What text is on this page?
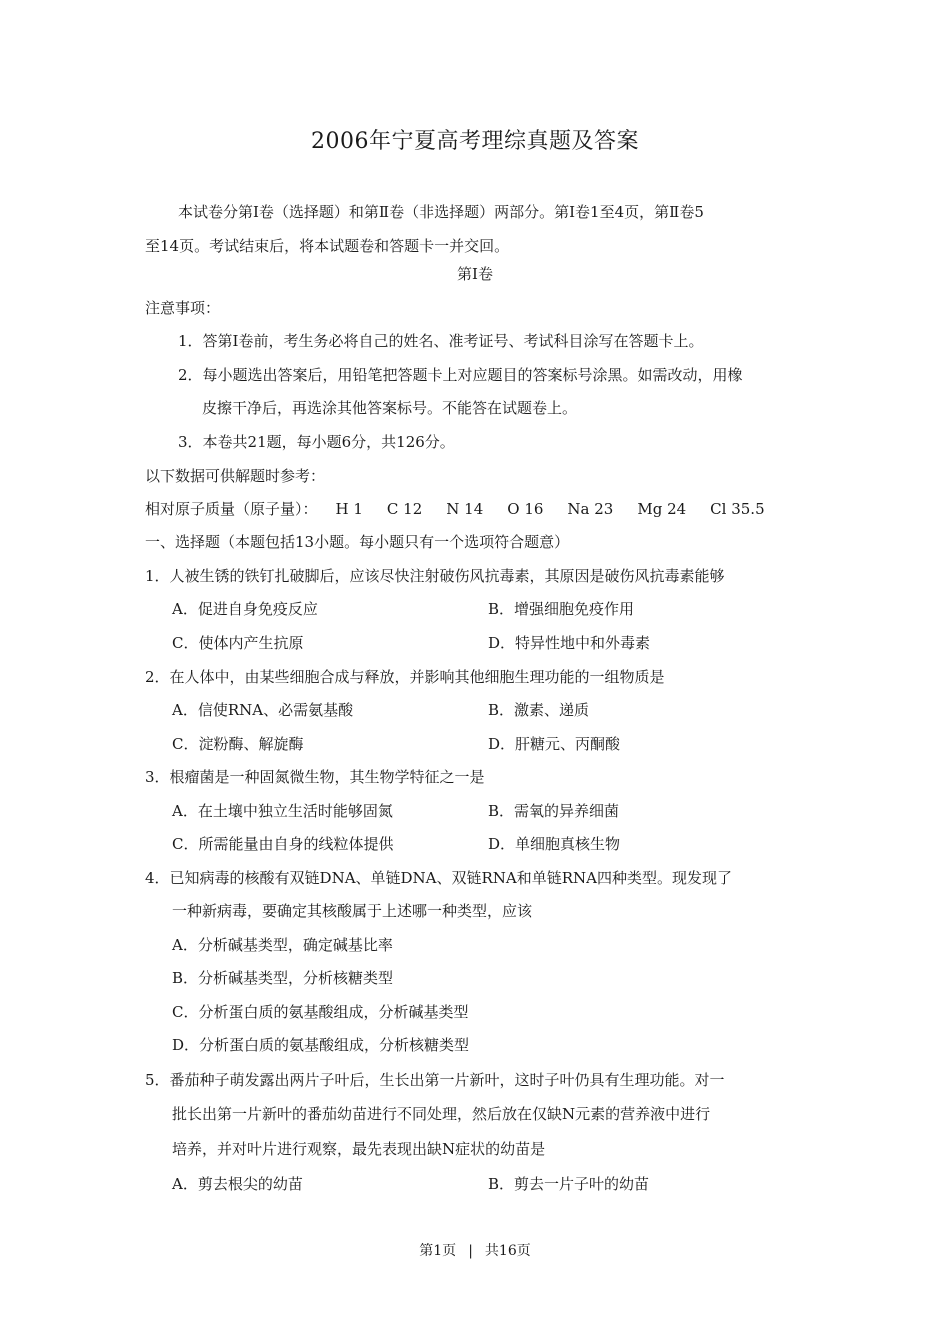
2006年宁夏高考理综真题及答案
本试卷分第Ⅰ卷（选择题）和第Ⅱ卷（非选择题）两部分。第Ⅰ卷1至4页，第Ⅱ卷5
至14页。考试结束后，将本试题卷和答题卡一并交回。
第Ⅰ卷
注意事项：
1．答第Ⅰ卷前，考生务必将自己的姓名、准考证号、考试科目涂写在答题卡上。
2．每小题选出答案后，用铅笔把答题卡上对应题目的答案标号涂黑。如需改动，用橡
皮擦干净后，再选涂其他答案标号。不能答在试题卷上。
3．本卷共21题，每小题6分，共126分。
以下数据可供解题时参考：
相对原子质量（原子量）： H 1 C 12 N 14 O 16 Na 23 Mg 24 Cl 35.5
一、选择题（本题包括13小题。每小题只有一个选项符合题意）
1．人被生锈的铁钉扎破脚后，应该尽快注射破伤风抗毒素，其原因是破伤风抗毒素能够
A．促进自身免疫反应	B．增强细胞免疫作用
C．使体内产生抗原	D．特异性地中和外毒素
2．在人体中，由某些细胞合成与释放，并影响其他细胞生理功能的一组物质是
A．信使RNA、必需氨基酸	B．激素、递质
C．淀粉酶、解旋酶	D．肝糖元、丙酮酸
3．根瘤菌是一种固氮微生物，其生物学特征之一是
A．在土壤中独立生活时能够固氮	B．需氧的异养细菌
C．所需能量由自身的线粒体提供	D．单细胞真核生物
4．已知病毒的核酸有双链DNA、单链DNA、双链RNA和单链RNA四种类型。现发现了
一种新病毒，要确定其核酸属于上述哪一种类型，应该
A．分析碱基类型，确定碱基比率
B．分析碱基类型，分析核糖类型
C．分析蛋白质的氨基酸组成，分析碱基类型
D．分析蛋白质的氨基酸组成，分析核糖类型
5．番茄种子萌发露出两片子叶后，生长出第一片新叶，这时子叶仍具有生理功能。对一
批长出第一片新叶的番茄幼苗进行不同处理，然后放在仅缺N元素的营养液中进行
培养，并对叶片进行观察，最先表现出缺N症状的幼苗是
A．剪去根尖的幼苗	B．剪去一片子叶的幼苗
第1页 | 共16页
